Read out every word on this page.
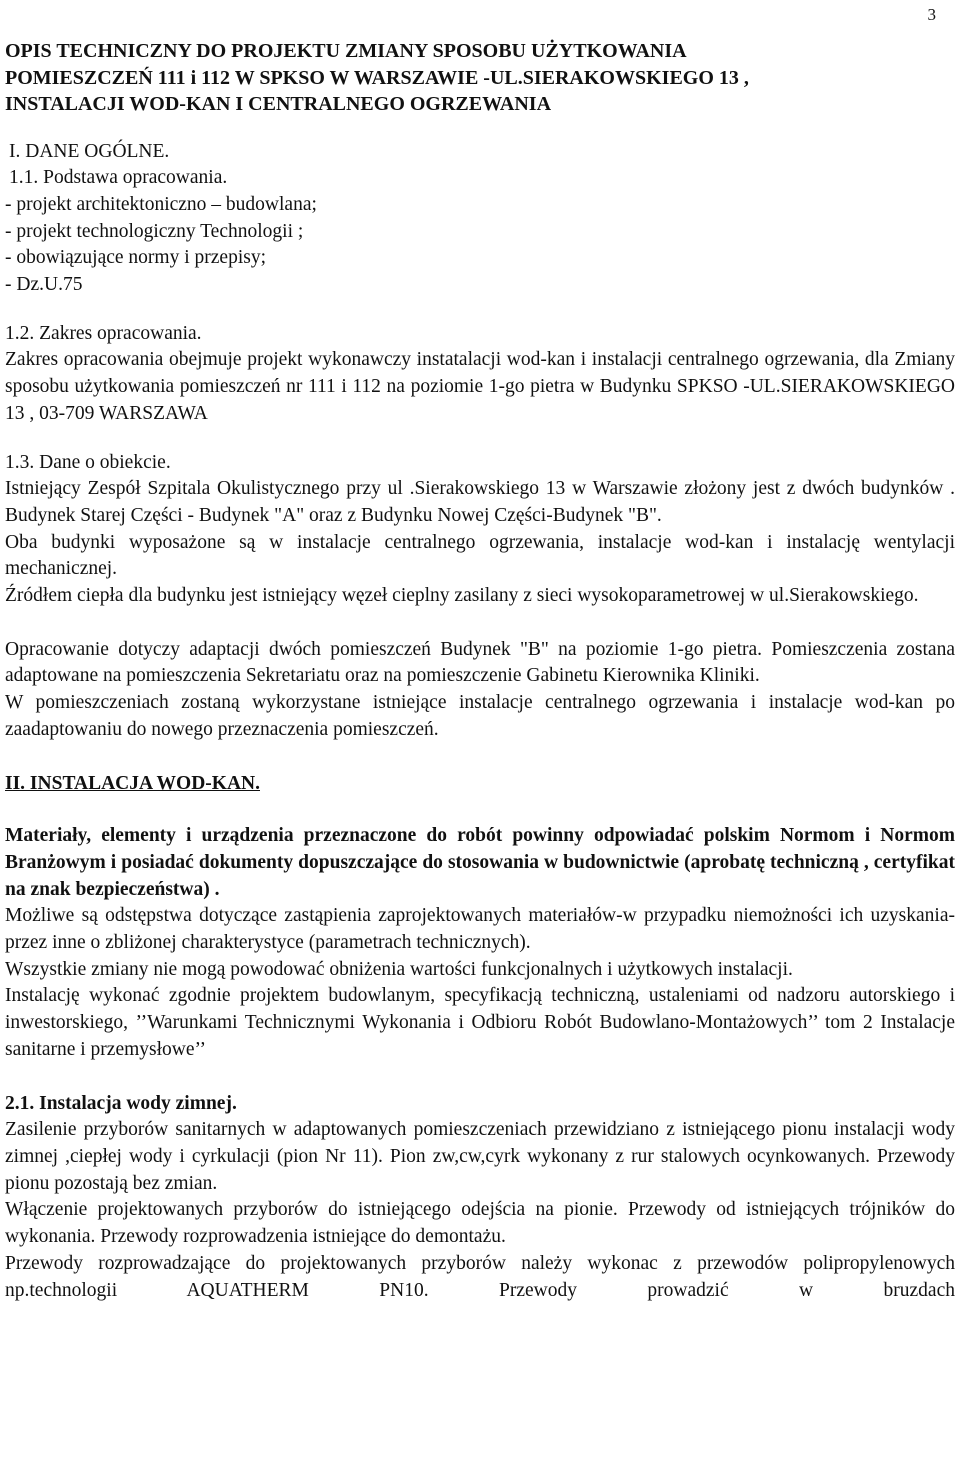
3

OPIS TECHNICZNY DO PROJEKTU ZMIANY SPOSOBU UŻYTKOWANIA

POMIESZCZEŃ 111 i 112 W SPKSO W WARSZAWIE -UL.SIERAKOWSKIEGO 13 ,

INSTALACJI WOD-KAN I CENTRALNEGO OGRZEWANIA

I. DANE OGÓLNE.

1.1. Podstawa opracowania.

- projekt architektoniczno – budowlana;

- projekt technologiczny Technologii ;

- obowiązujące normy i przepisy;

- Dz.U.75

1.2. Zakres opracowania.

Zakres opracowania obejmuje projekt wykonawczy instatalacji wod-kan i instalacji centralnego ogrzewania, dla Zmiany sposobu użytkowania pomieszczeń nr 111 i 112 na poziomie 1-go pietra w Budynku SPKSO -UL.SIERAKOWSKIEGO 13 , 03-709 WARSZAWA

1.3. Dane o obiekcie.

Istniejący Zespół Szpitala Okulistycznego przy ul .Sierakowskiego 13 w Warszawie złożony jest z dwóch budynków . Budynek Starej Części - Budynek "A" oraz z Budynku Nowej Części-Budynek "B".

Oba budynki wyposażone są w instalacje centralnego ogrzewania, instalacje wod-kan i instalację wentylacji mechanicznej.

Źródłem ciepła dla budynku jest istniejący węzeł cieplny zasilany z sieci wysokoparametrowej w ul.Sierakowskiego.

Opracowanie dotyczy adaptacji dwóch pomieszczeń Budynek "B" na poziomie 1-go pietra. Pomieszczenia zostana adaptowane na pomieszczenia Sekretariatu oraz na pomieszczenie Gabinetu Kierownika Kliniki.

W pomieszczeniach zostaną wykorzystane istniejące instalacje centralnego ogrzewania i instalacje wod-kan po zaadaptowaniu do nowego przeznaczenia pomieszczeń.

II. INSTALACJA WOD-KAN.

Materiały, elementy i urządzenia przeznaczone do robót powinny odpowiadać polskim Normom i Normom Branżowym i posiadać dokumenty dopuszczające do stosowania w budownictwie (aprobatę techniczną , certyfikat na znak bezpieczeństwa) .

Możliwe są odstępstwa dotyczące zastąpienia zaprojektowanych materiałów-w przypadku niemożności ich uzyskania- przez inne o zbliżonej charakterystyce (parametrach technicznych).

Wszystkie zmiany nie mogą powodować obniżenia wartości funkcjonalnych i użytkowych instalacji.

Instalację wykonać zgodnie projektem budowlanym, specyfikacją techniczną, ustaleniami od nadzoru autorskiego i inwestorskiego, ’’Warunkami Technicznymi Wykonania i Odbioru Robót Budowlano-Montażowych’’ tom 2 Instalacje sanitarne i przemysłowe’’

2.1. Instalacja wody zimnej.

Zasilenie przyborów sanitarnych w adaptowanych pomieszczeniach przewidziano z istniejącego pionu instalacji wody zimnej ,ciepłej wody i cyrkulacji (pion Nr 11). Pion zw,cw,cyrk wykonany z rur stalowych ocynkowanych. Przewody pionu pozostają bez zmian.

Włączenie projektowanych przyborów do istniejącego odejścia na pionie. Przewody od istniejących trójników do wykonania. Przewody rozprowadzenia istniejące do demontażu.

Przewody rozprowadzające do projektowanych przyborów należy wykonac z przewodów polipropylenowych np.technologii AQUATHERM PN10. Przewody prowadzić w bruzdach
